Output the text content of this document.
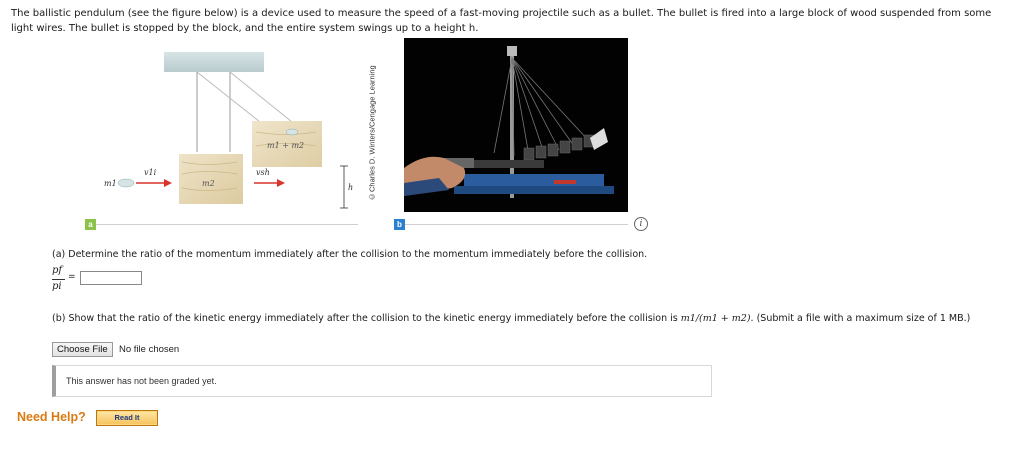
The ballistic pendulum (see the figure below) is a device used to measure the speed of a fast-moving projectile such as a bullet. The bullet is fired into a large block of wood suspended from some light wires. The bullet is stopped by the block, and the entire system swings up to a height h.
m1
v1i
m2
m1 + m2
vsh
h
a
©Charles D. Winters/Cengage Learning
b	i
(a) Determine the ratio of the momentum immediately after the collision to the momentum immediately before the collision.
pf
pi
=
(b) Show that the ratio of the kinetic energy immediately after the collision to the kinetic energy immediately before the collision is m1/(m1 + m2). (Submit a file with a maximum size of 1 MB.)
Choose File	No file chosen
This answer has not been graded yet.
Need Help?	Read It
